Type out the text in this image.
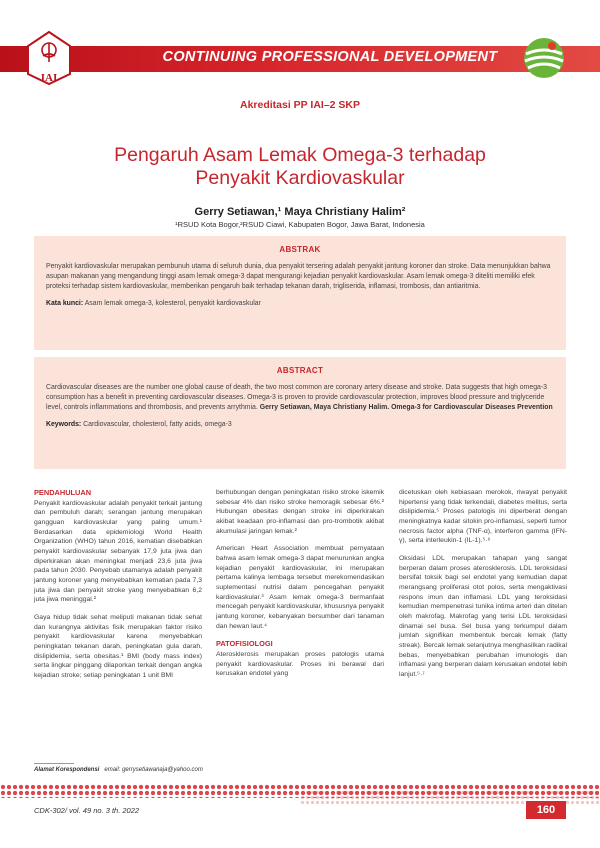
CONTINUING PROFESSIONAL DEVELOPMENT
IAI
Akreditasi PP IAI–2 SKP
Pengaruh Asam Lemak Omega-3 terhadap
Penyakit Kardiovaskular
Gerry Setiawan,¹ Maya Christiany Halim²
¹RSUD Kota Bogor,²RSUD Ciawi, Kabupaten Bogor, Jawa Barat, Indonesia
ABSTRAK
Penyakit kardiovaskular merupakan pembunuh utama di seluruh dunia, dua penyakit tersering adalah penyakit jantung koroner dan stroke. Data menunjukkan bahwa asupan makanan yang mengandung tinggi asam lemak omega-3 dapat mengurangi kejadian penyakit kardiovaskular. Asam lemak omega-3 diteliti memiliki efek proteksi terhadap sistem kardiovaskular, memberikan pengaruh baik terhadap tekanan darah, trigliserida, inflamasi, trombosis, dan antiaritmia.
Kata kunci: Asam lemak omega-3, kolesterol, penyakit kardiovaskular
ABSTRACT
Cardiovascular diseases are the number one global cause of death, the two most common are coronary artery disease and stroke. Data suggests that high omega-3 consumption has a benefit in preventing cardiovascular diseases. Omega-3 is proven to provide cardiovascular protection, improves blood pressure and triglyceride level, controls inflammations and thrombosis, and prevents arrythmia. Gerry Setiawan, Maya Christiany Halim. Omega-3 for Cardiovascular Diseases Prevention
Keywords: Cardiovascular, cholesterol, fatty acids, omega-3
PENDAHULUAN

Penyakit kardiovaskular adalah penyakit terkait jantung dan pembuluh darah; serangan jantung merupakan gangguan kardiovaskular yang paling umum.¹ Berdasarkan data epidemiologi World Health Organization (WHO) tahun 2016, kematian disebabkan penyakit kardiovaskular sebanyak 17,9 juta jiwa dan diperkirakan akan meningkat menjadi 23,6 juta jiwa pada tahun 2030. Penyebab utamanya adalah penyakit jantung koroner yang menyebabkan kematian pada 7,3 juta jiwa dan penyakit stroke yang menyebabkan 6,2 juta jiwa meninggal.²

Gaya hidup tidak sehat meliputi makanan tidak sehat dan kurangnya aktivitas fisik merupakan faktor risiko penyakit kardiovaskular karena menyebabkan peningkatan tekanan darah, peningkatan gula darah, dislipidemia, serta obesitas.¹ BMI (body mass index) serta lingkar pinggang dilaporkan terkait dengan angka kejadian stroke; setiap peningkatan 1 unit BMI

berhubungan dengan peningkatan risiko stroke iskemik sebesar 4% dan risiko stroke hemoragik sebesar 6%.² Hubungan obesitas dengan stroke ini diperkirakan akibat keadaan pro-inflamasi dan pro-trombotik akibat akumulasi jaringan lemak.²

American Heart Association membuat pernyataan bahwa asam lemak omega-3 dapat menurunkan angka kejadian penyakit kardiovaskular, ini merupakan pertama kalinya lembaga tersebut merekomendasikan suplementasi nutrisi dalam pencegahan penyakit kardiovaskular.³ Asam lemak omega-3 bermanfaat mencegah penyakit kardiovaskular, khususnya penyakit jantung koroner, kebanyakan bersumber dari tanaman dan hewan laut.⁴

PATOFISIOLOGI

Aterosklerosis merupakan proses patologis utama penyakit kardiovaskular. Proses ini berawal dari kerusakan endotel yang

dicetuskan oleh kebiasaan merokok, riwayat penyakit hipertensi yang tidak terkendali, diabetes melitus, serta dislipidemia.⁵ Proses patologis ini diperberat dengan meningkatnya kadar sitokin pro-inflamasi, seperti tumor necrosis factor alpha (TNF-α), interferon gamma (IFN-γ), serta interleukin-1 (IL-1).⁵·⁶

Oksidasi LDL merupakan tahapan yang sangat berperan dalam proses aterosklerosis. LDL teroksidasi bersifat toksik bagi sel endotel yang kemudian dapat merangsang proliferasi otot polos, serta mengaktivasi respons imun dan inflamasi. LDL yang teroksidasi kemudian mempenetrasi tunika intima arteri dan ditelan oleh makrofag. Makrofag yang terisi LDL teroksidasi dinamai sel busa. Sel busa yang terkumpul dalam jumlah signifikan membentuk bercak lemak (fatty streak). Bercak lemak selanjutnya menghasilkan radikal bebas, menyebabkan perubahan imunologis dan inflamasi yang berperan dalam kerusakan endotel lebih lanjut.⁵·⁷

Alamat Korespondensi email: gerrysetiawanaja@yahoo.com
CDK-302/ vol. 49 no. 3 th. 2022	160
